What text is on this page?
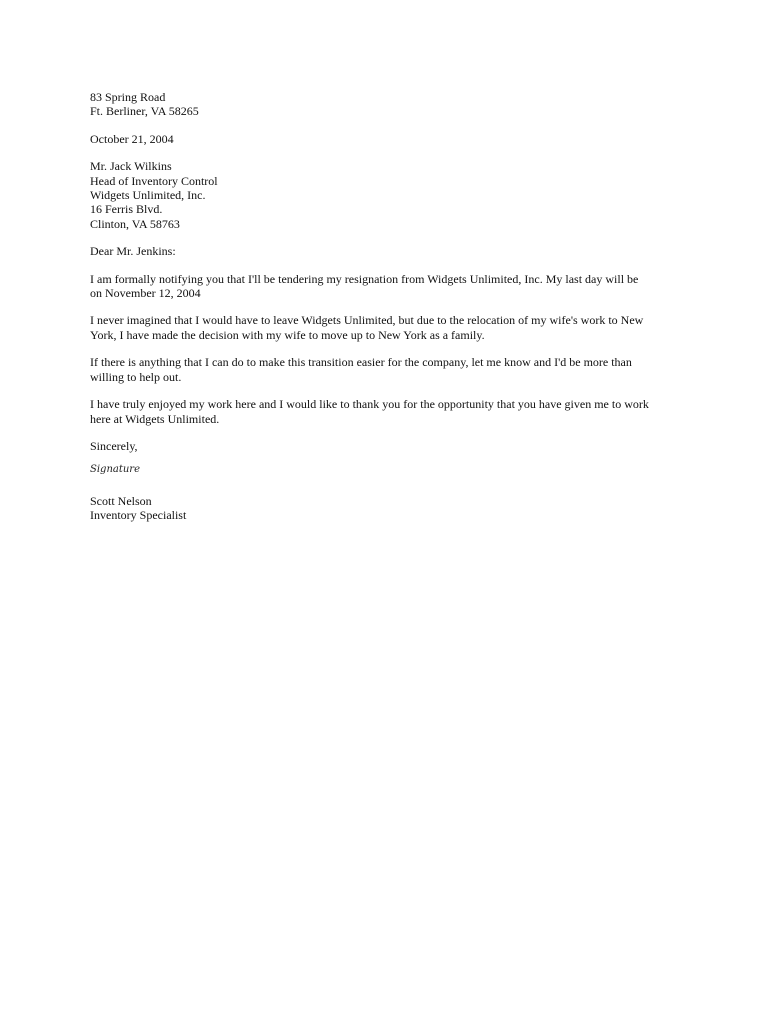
83 Spring Road
Ft. Berliner, VA 58265
October 21, 2004
Mr. Jack Wilkins
Head of Inventory Control
Widgets Unlimited, Inc.
16 Ferris Blvd.
Clinton, VA 58763
Dear Mr. Jenkins:
I am formally notifying you that I'll be tendering my resignation from Widgets Unlimited, Inc. My last day will be
on November 12, 2004
I never imagined that I would have to leave Widgets Unlimited, but due to the relocation of my wife's work to New
York, I have made the decision with my wife to move up to New York as a family.
If there is anything that I can do to make this transition easier for the company, let me know and I'd be more than
willing to help out.
I have truly enjoyed my work here and I would like to thank you for the opportunity that you have given me to work
here at Widgets Unlimited.
Sincerely,
Signature
Scott Nelson
Inventory Specialist
